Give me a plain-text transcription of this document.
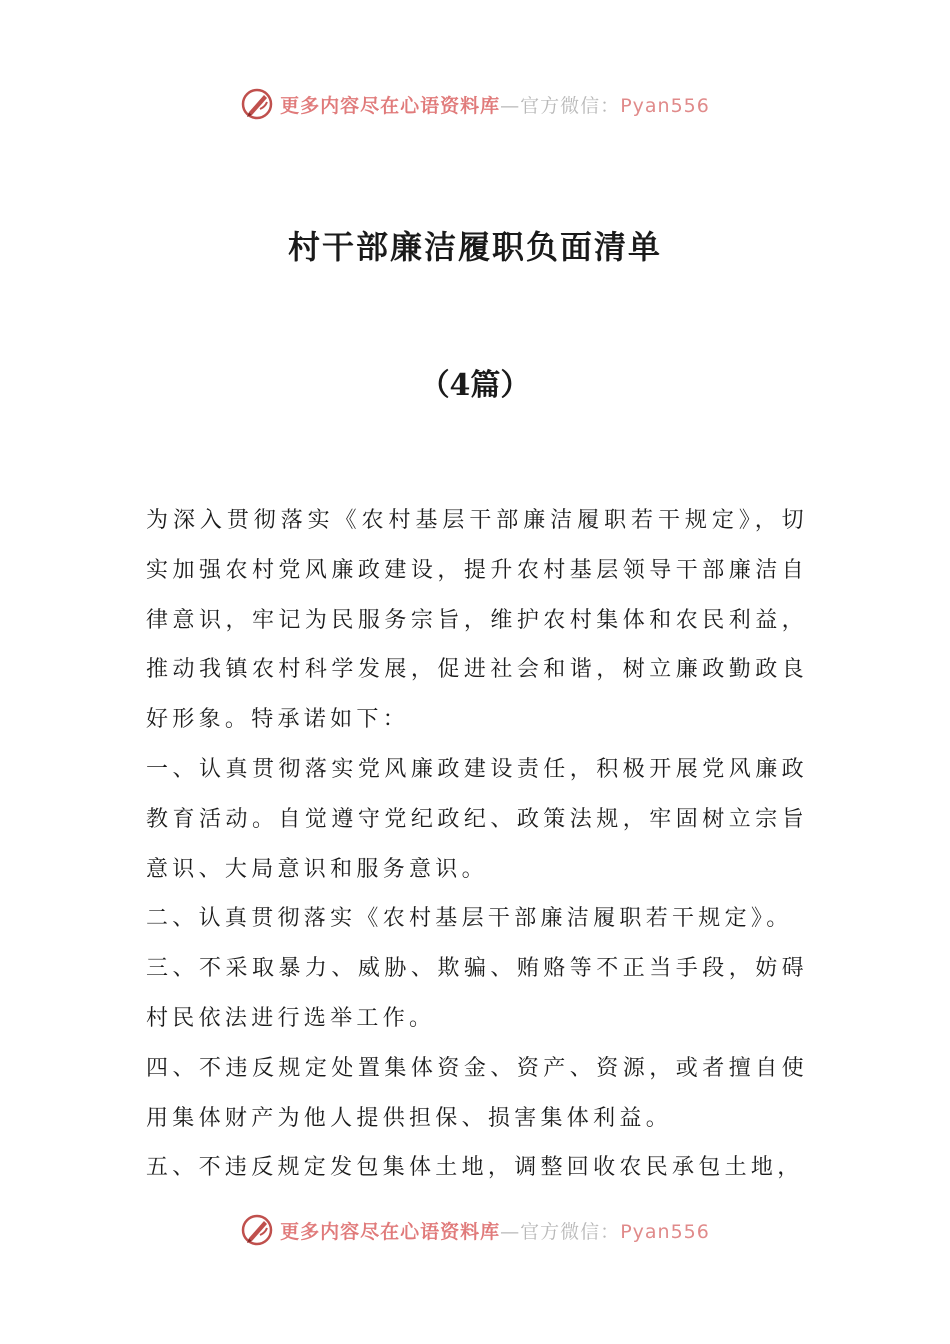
更多内容尽在心语资料库—官方微信：Pyan556
村干部廉洁履职负面清单
（4篇）

为深入贯彻落实《农村基层干部廉洁履职若干规定》，切实加强农村党风廉政建设，提升农村基层领导干部廉洁自律意识，牢记为民服务宗旨，维护农村集体和农民利益，推动我镇农村科学发展，促进社会和谐，树立廉政勤政良好形象。特承诺如下：

一、认真贯彻落实党风廉政建设责任，积极开展党风廉政教育活动。自觉遵守党纪政纪、政策法规，牢固树立宗旨意识、大局意识和服务意识。

二、认真贯彻落实《农村基层干部廉洁履职若干规定》。

三、不采取暴力、威胁、欺骗、贿赂等不正当手段，妨碍村民依法进行选举工作。

四、不违反规定处置集体资金、资产、资源，或者擅自使用集体财产为他人提供担保、损害集体利益。

五、不违反规定发包集体土地，调整回收农民承包土地，

更多内容尽在心语资料库—官方微信：Pyan556
